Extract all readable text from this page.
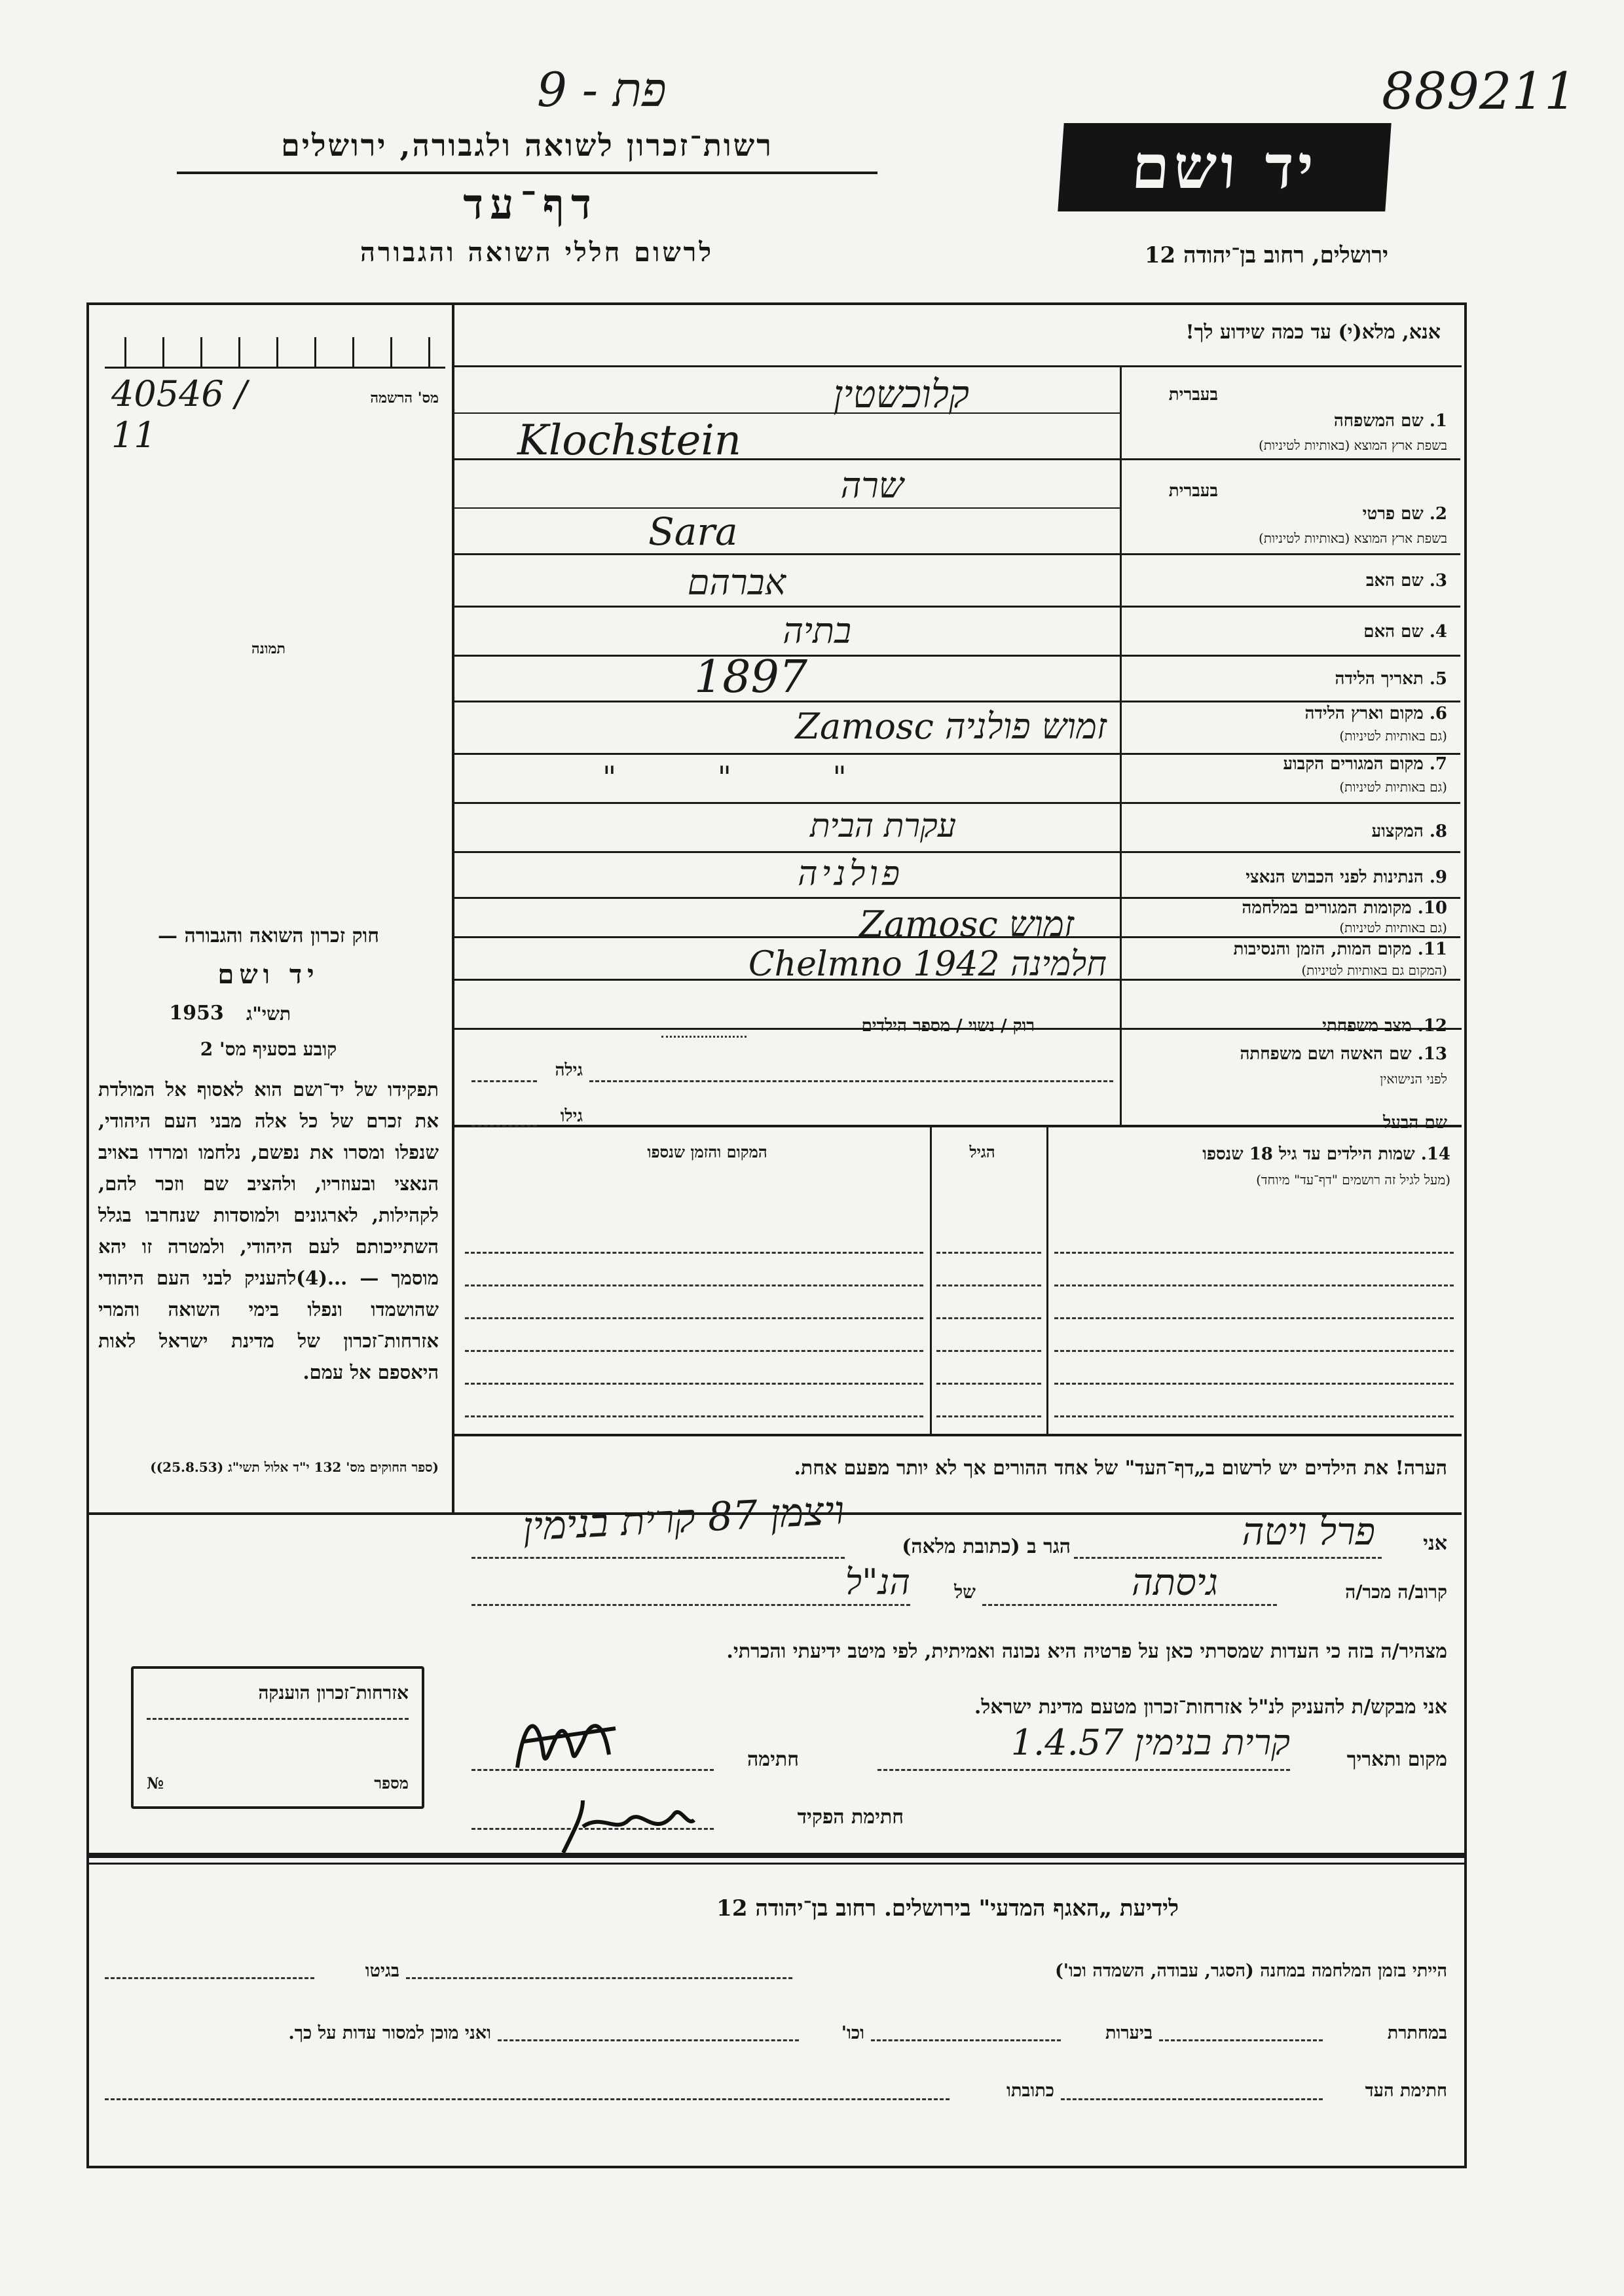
פת - 9	889211
רשות־זכרון לשואה ולגבורה, ירושלים
דף־עד
לרשום חללי השואה והגבורה
יד ושם
ירושלים, רחוב בן־יהודה 12
אנא, מלא(י) עד כמה שידוע לך!
מס' הרשמה
40546 / 11
תמונה
חוק זכרון השואה והגבורה —
יד ושם
תשי"ג
1953
קובע בסעיף מס' 2
תפקידו של יד־ושם הוא לאסוף אל המולדת את זכרם של כל אלה מבני העם היהודי, שנפלו ומסרו את נפשם, נלחמו ומרדו באויב הנאצי ובעוזריו, ולהציב שם וזכר להם, לקהילות, לארגונים ולמוסדות שנחרבו בגלל השתייכותם לעם היהודי, ולמטרה זו יהא מוסמך — ...(4)להעניק לבני העם היהודי שהושמדו ונפלו בימי השואה והמרי אזרחות־זכרון של מדינת ישראל לאות היאספם אל עמם.
(ספר החוקים מס' 132 י"ד אלול תשי"ג (25.8.53))
בעברית
1. שם המשפחה
בשפת ארץ המוצא (באותיות לטיניות)
בעברית
2. שם פרטי
בשפת ארץ המוצא (באותיות לטיניות)
3. שם האב
4. שם האם
5. תאריך הלידה
6. מקום וארץ הלידה
(גם באותיות לטיניות)
7. מקום המגורים הקבוע
(גם באותיות לטיניות)
8. המקצוע
9. הנתינות לפני הכבוש הנאצי
10. מקומות המגורים במלחמה
(גם באותיות לטיניות)
11. מקום המות, הזמן והנסיבות
(המקום גם באותיות לטיניות)
12. מצב משפחתי
13. שם האשה ושם משפחתה
לפני הנישואין
שם הבעל
קלוכשטין
Klochstein
שרה
Sara
אברהם
בתיה
1897
זמוש פולניה Zamosc
" " "
עקרת הבית
פולניה
זמוש Zamosc
חלמינה 1942 Chelmno
רוק / נשוי / מספר הילדים
גילה
גילו
14. שמות הילדים עד גיל 18 שנספו
(מעל לגיל זה רושמים "דף־עד" מיוחד)
הגיל
המקום והזמן שנספו
הערה! את הילדים יש לרשום ב„דף־העד" של אחד ההורים אך לא יותר מפעם אחת.
אני
פרל ויטה
הגר ב (כתובת מלאה)
ויצמן 87 קרית בנימין
קרוב/ה מכר/ה
גיסתה
של
הנ"ל
מצהיר/ה בזה כי העדות שמסרתי כאן על פרטיה היא נכונה ואמיתית, לפי מיטב ידיעתי והכרתי.
אני מבקש/ת להעניק לנ"ל אזרחות־זכרון מטעם מדינת ישראל.
מקום ותאריך
קרית בנימין 1.4.57
חתימה
חתימת הפקיד
אזרחות־זכרון הוענקה
מספר
№
לידיעת „האגף המדעי" בירושלים. רחוב בן־יהודה 12
הייתי בזמן המלחמה במחנה (הסגר, עבודה, השמדה וכו')
בגיטו
במחתרת
ביערות
וכו'
ואני מוכן למסור עדות על כך.
חתימת העד
כתובתו
